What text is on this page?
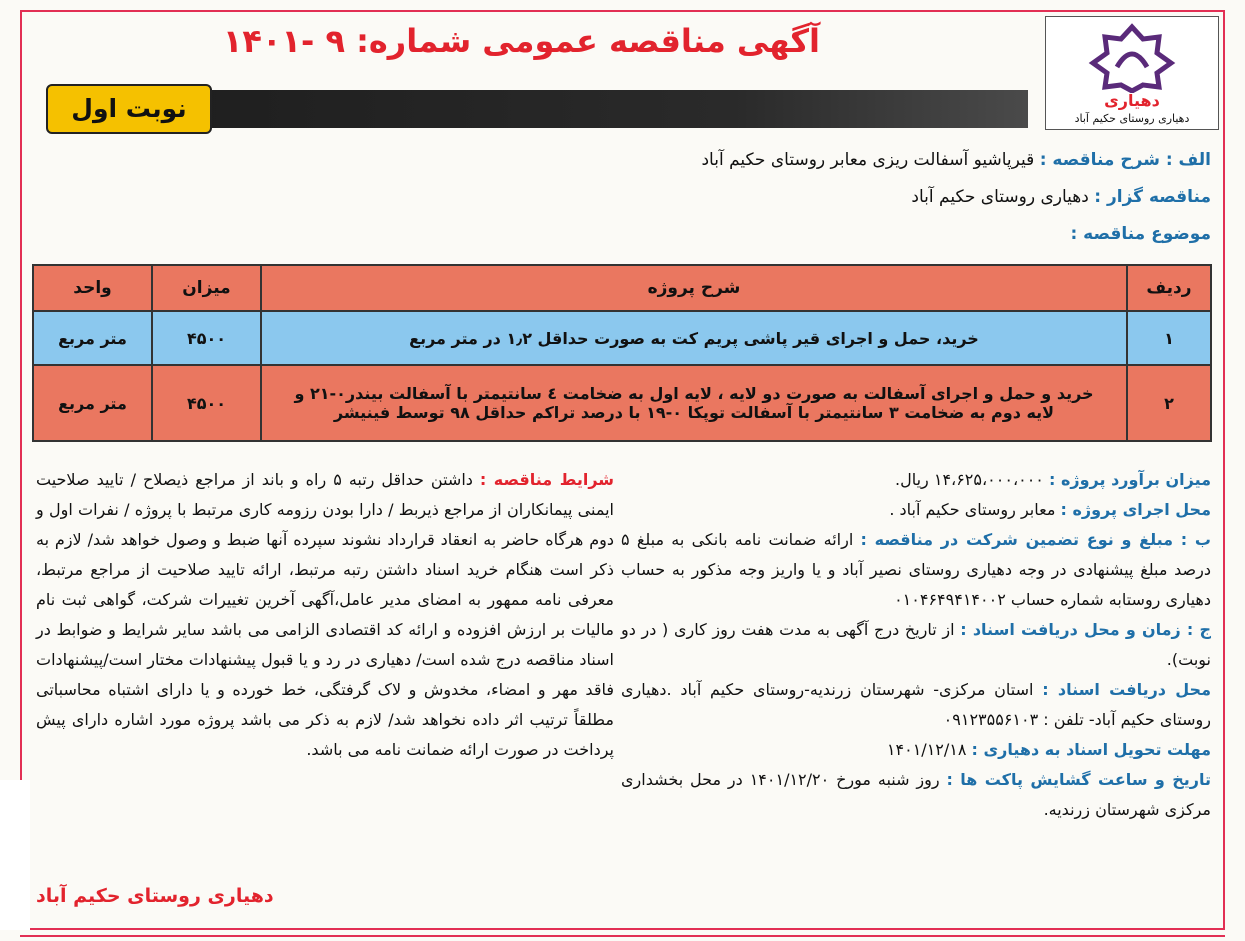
دهیاری
دهیاری روستای حکیم آباد
آگهی مناقصه عمومی شماره: ۹ -۱۴۰۱
نوبت اول
الف : شرح مناقصه : قیرپاشیو آسفالت ریزی معابر روستای حکیم آباد
مناقصه گزار : دهیاری روستای حکیم آباد
موضوع مناقصه :
ردیف	شرح پروژه	میزان	واحد
۱	خرید، حمل و اجرای قیر پاشی پریم کت به صورت حداقل ۱٫۲ در متر مربع	۴۵۰۰	متر مربع
۲	خرید و حمل و اجرای آسفالت به صورت دو لایه ، لایه اول به ضخامت ٤ سانتیمتر با آسفالت بیندر۰-۲۱ و
لایه دوم به ضخامت ۳ سانتیمتر با آسفالت توپکا ۰-۱۹ با درصد تراکم حداقل ۹۸ توسط فینیشر	۴۵۰۰	متر مربع
میزان برآورد پروژه : ۱۴،۶۲۵،۰۰۰،۰۰۰ ریال.
محل اجرای پروژه : معابر روستای حکیم آباد .
ب : مبلغ و نوع تضمین شرکت در مناقصه : ارائه ضمانت نامه بانکی به مبلغ ۵ درصد مبلغ پیشنهادی در وجه دهیاری روستای نصیر آباد و یا واریز وجه مذکور به حساب دهیاری روستابه شماره حساب ۰۱۰۴۶۴۹۴۱۴۰۰۲
ج : زمان و محل دریافت اسناد : از تاریخ درج آگهی به مدت هفت روز کاری ( در دو نوبت).
محل دریافت اسناد : استان مرکزی- شهرستان زرندیه-روستای حکیم آباد .دهیاری روستای حکیم آباد- تلفن : ۰۹۱۲۳۵۵۶۱۰۳
مهلت تحویل اسناد به دهیاری : ۱۴۰۱/۱۲/۱۸
تاریخ و ساعت گشایش پاکت ها : روز شنبه مورخ ۱۴۰۱/۱۲/۲۰ در محل بخشداری مرکزی شهرستان زرندیه.
شرایط مناقصه : داشتن حداقل رتبه ۵ راه و باند از مراجع ذیصلاح / تایید صلاحیت ایمنی پیمانکاران از مراجع ذیربط / دارا بودن رزومه کاری مرتبط با پروژه / نفرات اول و دوم هرگاه حاضر به انعقاد قرارداد نشوند سپرده آنها ضبط و وصول خواهد شد/ لازم به ذکر است هنگام خرید اسناد داشتن رتبه مرتبط، ارائه تایید صلاحیت از مراجع مرتبط، معرفی نامه ممهور به امضای مدیر عامل،آگهی آخرین تغییرات شرکت، گواهی ثبت نام مالیات بر ارزش افزوده و ارائه کد اقتصادی الزامی می باشد سایر شرایط و ضوابط در اسناد مناقصه درج شده است/ دهیاری در رد و یا قبول پیشنهادات مختار است/پیشنهادات فاقد مهر و امضاء، مخدوش و لاک گرفتگی، خط خورده و یا دارای اشتباه محاسباتی مطلقاً ترتیب اثر داده نخواهد شد/ لازم به ذکر می باشد پروژه مورد اشاره دارای پیش پرداخت در صورت ارائه ضمانت نامه می باشد.
دهیاری روستای حکیم آباد
